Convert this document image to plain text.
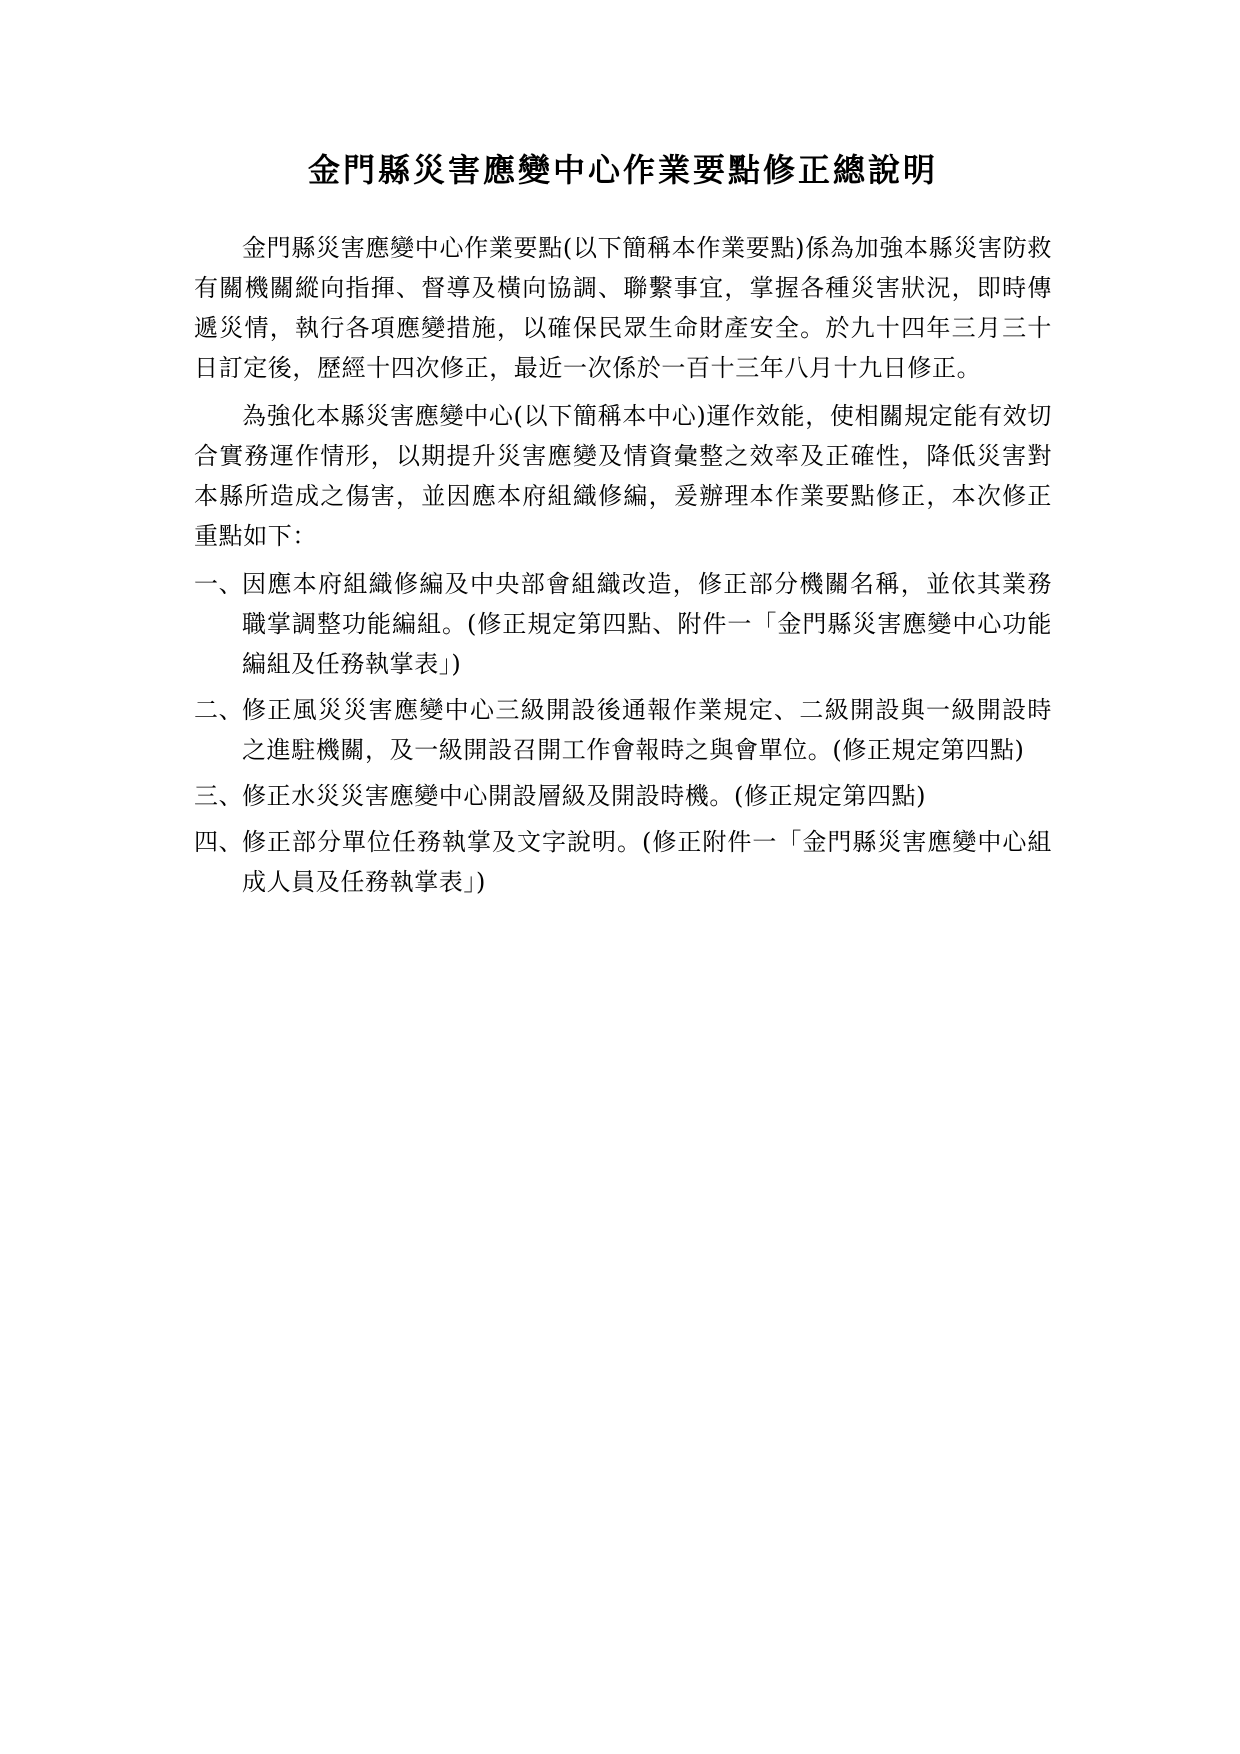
金門縣災害應變中心作業要點修正總說明

金門縣災害應變中心作業要點(以下簡稱本作業要點)係為加強本縣災害防救有關機關縱向指揮、督導及橫向協調、聯繫事宜，掌握各種災害狀況，即時傳遞災情，執行各項應變措施，以確保民眾生命財產安全。於九十四年三月三十日訂定後，歷經十四次修正，最近一次係於一百十三年八月十九日修正。

為強化本縣災害應變中心(以下簡稱本中心)運作效能，使相關規定能有效切合實務運作情形，以期提升災害應變及情資彙整之效率及正確性，降低災害對本縣所造成之傷害，並因應本府組織修編，爰辦理本作業要點修正，本次修正重點如下：

一、
因應本府組織修編及中央部會組織改造，修正部分機關名稱，並依其業務職掌調整功能編組。(修正規定第四點、附件一「金門縣災害應變中心功能編組及任務執掌表」)
二、
修正風災災害應變中心三級開設後通報作業規定、二級開設與一級開設時之進駐機關，及一級開設召開工作會報時之與會單位。(修正規定第四點)
三、
修正水災災害應變中心開設層級及開設時機。(修正規定第四點)
四、
修正部分單位任務執掌及文字說明。(修正附件一「金門縣災害應變中心組成人員及任務執掌表」)
